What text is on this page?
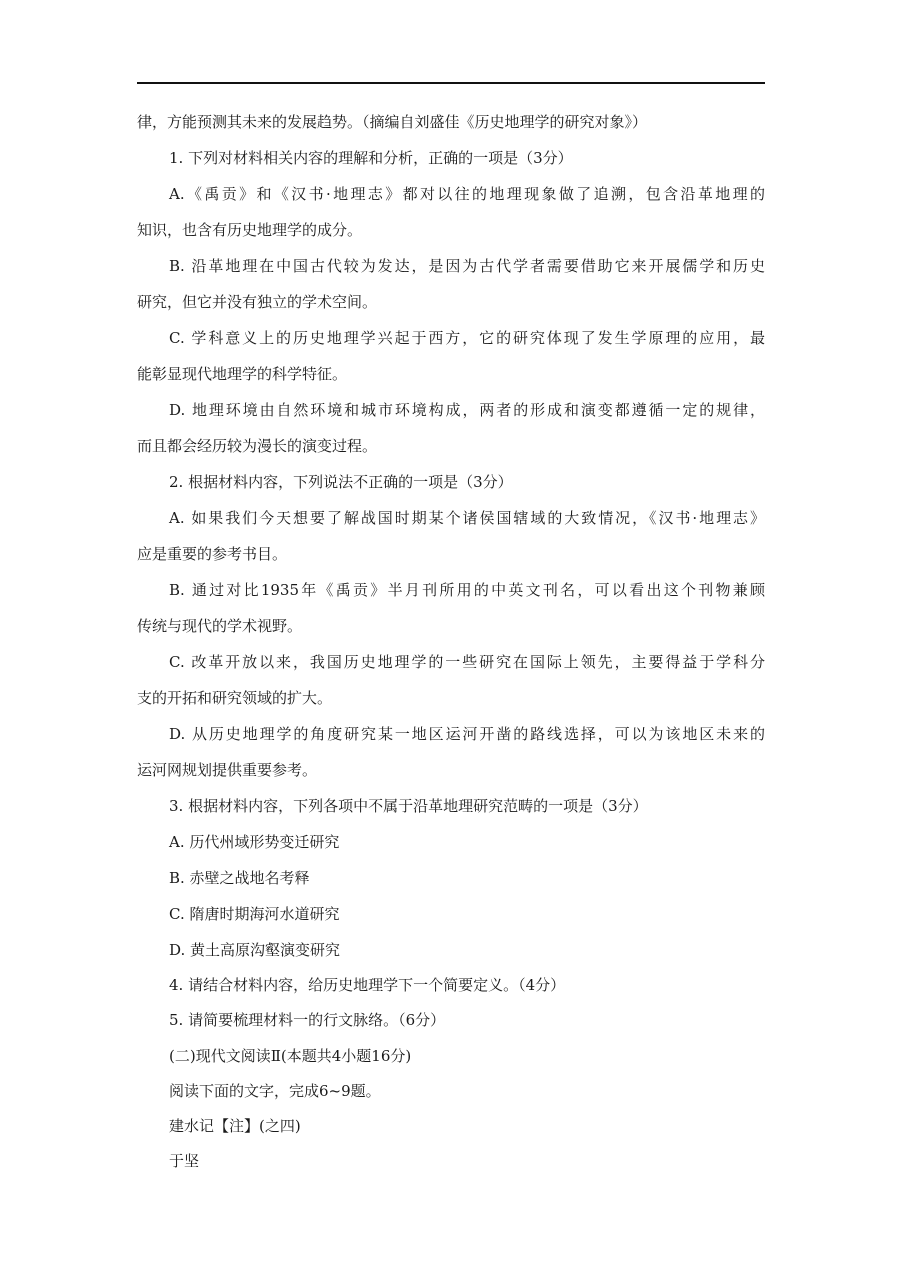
律，方能预测其未来的发展趋势。（摘编自刘盛佳《历史地理学的研究对象》）
1. 下列对材料相关内容的理解和分析，正确的一项是（3分）
A.《禹贡》和《汉书·地理志》都对以往的地理现象做了追溯，包含沿革地理的
知识，也含有历史地理学的成分。
B. 沿革地理在中国古代较为发达，是因为古代学者需要借助它来开展儒学和历史
研究，但它并没有独立的学术空间。
C. 学科意义上的历史地理学兴起于西方，它的研究体现了发生学原理的应用，最
能彰显现代地理学的科学特征。
D. 地理环境由自然环境和城市环境构成，两者的形成和演变都遵循一定的规律，
而且都会经历较为漫长的演变过程。
2. 根据材料内容，下列说法不正确的一项是（3分）
A. 如果我们今天想要了解战国时期某个诸侯国辖域的大致情况，《汉书·地理志》
应是重要的参考书目。
B. 通过对比1935年《禹贡》半月刊所用的中英文刊名，可以看出这个刊物兼顾
传统与现代的学术视野。
C. 改革开放以来，我国历史地理学的一些研究在国际上领先，主要得益于学科分
支的开拓和研究领域的扩大。
D. 从历史地理学的角度研究某一地区运河开凿的路线选择，可以为该地区未来的
运河网规划提供重要参考。
3. 根据材料内容，下列各项中不属于沿革地理研究范畴的一项是（3分）
A. 历代州域形势变迁研究
B. 赤壁之战地名考释
C. 隋唐时期海河水道研究
D. 黄土高原沟壑演变研究
4. 请结合材料内容，给历史地理学下一个简要定义。（4分）
5. 请简要梳理材料一的行文脉络。（6分）
(二)现代文阅读Ⅱ(本题共4小题16分)
阅读下面的文字，完成6~9题。
建水记【注】(之四)
于坚
